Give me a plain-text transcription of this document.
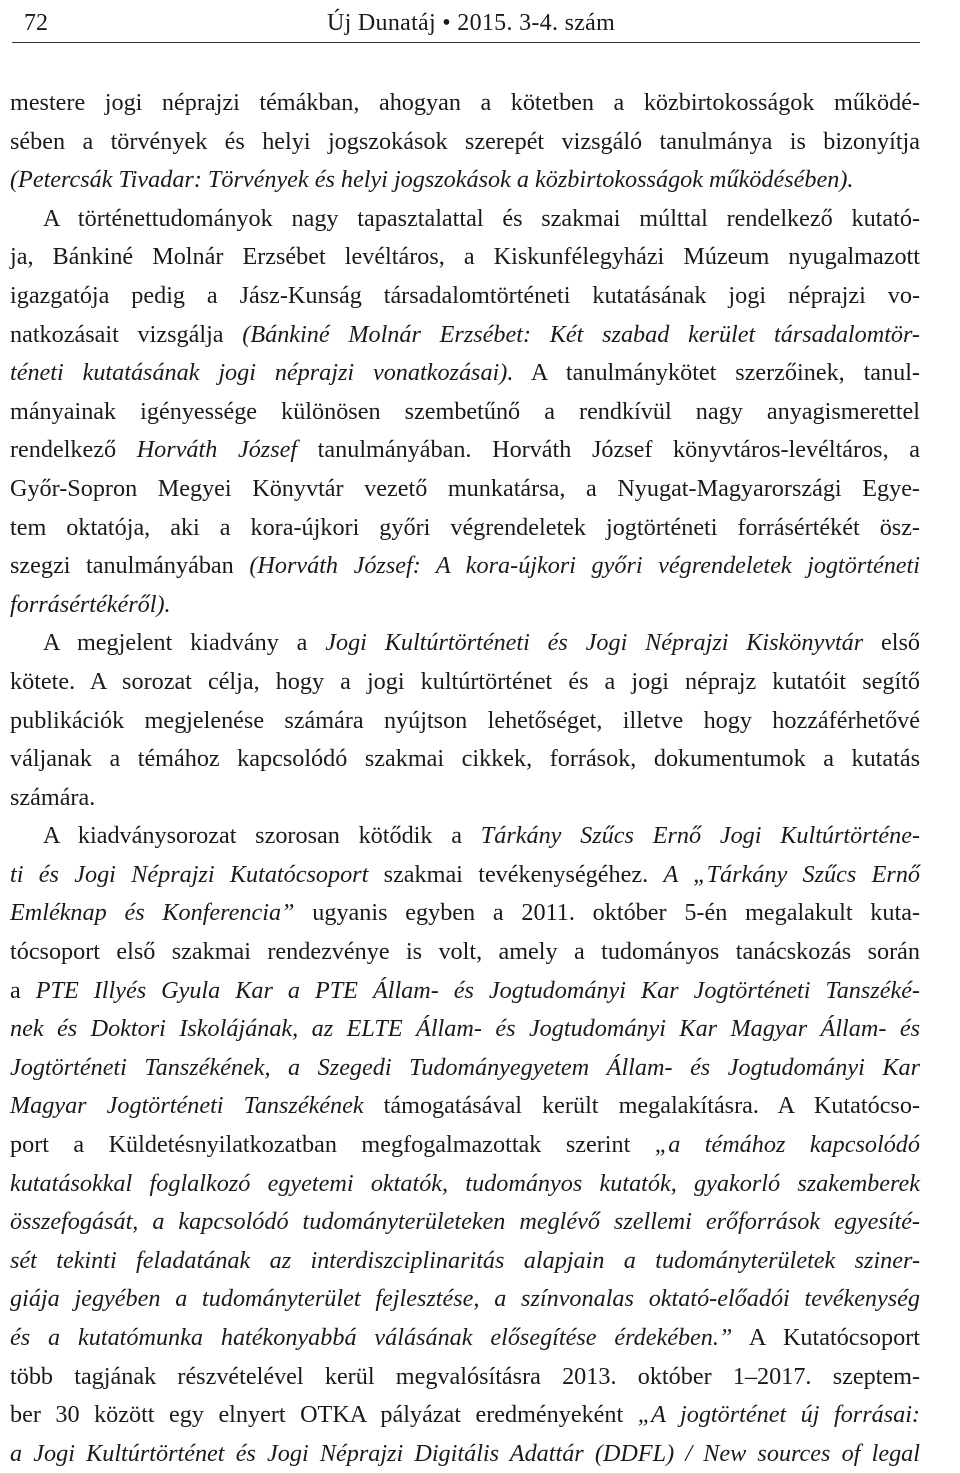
72	Új Dunatáj • 2015. 3-4. szám
mestere jogi néprajzi témákban, ahogyan a kötetben a közbirtokosságok működé-
sében a törvények és helyi jogszokások szerepét vizsgáló tanulmánya is bizonyítja
(Petercsák Tivadar: Törvények és helyi jogszokások a közbirtokosságok működésében).
A történettudományok nagy tapasztalattal és szakmai múlttal rendelkező kutató-
ja, Bánkiné Molnár Erzsébet levéltáros, a Kiskunfélegyházi Múzeum nyugalmazott
igazgatója pedig a Jász-Kunság társadalomtörténeti kutatásának jogi néprajzi vo-
natkozásait vizsgálja (Bánkiné Molnár Erzsébet: Két szabad kerület társadalomtör-
téneti kutatásának jogi néprajzi vonatkozásai). A tanulmánykötet szerzőinek, tanul-
mányainak igényessége különösen szembetűnő a rendkívül nagy anyagismerettel
rendelkező Horváth József tanulmányában. Horváth József könyvtáros-levéltáros, a
Győr-Sopron Megyei Könyvtár vezető munkatársa, a Nyugat-Magyarországi Egye-
tem oktatója, aki a kora-újkori győri végrendeletek jogtörténeti forrásértékét ösz-
szegzi tanulmányában (Horváth József: A kora-újkori győri végrendeletek jogtörténeti
forrásértékéről).
A megjelent kiadvány a Jogi Kultúrtörténeti és Jogi Néprajzi Kiskönyvtár első
kötete. A sorozat célja, hogy a jogi kultúrtörténet és a jogi néprajz kutatóit segítő
publikációk megjelenése számára nyújtson lehetőséget, illetve hogy hozzáférhetővé
váljanak a témához kapcsolódó szakmai cikkek, források, dokumentumok a kutatás
számára.
A kiadványsorozat szorosan kötődik a Tárkány Szűcs Ernő Jogi Kultúrtörténe-
ti és Jogi Néprajzi Kutatócsoport szakmai tevékenységéhez. A „Tárkány Szűcs Ernő
Emléknap és Konferencia” ugyanis egyben a 2011. október 5-én megalakult kuta-
tócsoport első szakmai rendezvénye is volt, amely a tudományos tanácskozás során
a PTE Illyés Gyula Kar a PTE Állam- és Jogtudományi Kar Jogtörténeti Tanszéké-
nek és Doktori Iskolájának, az ELTE Állam- és Jogtudományi Kar Magyar Állam- és
Jogtörténeti Tanszékének, a Szegedi Tudományegyetem Állam- és Jogtudományi Kar
Magyar Jogtörténeti Tanszékének támogatásával került megalakításra. A Kutatócso-
port a Küldetésnyilatkozatban megfogalmazottak szerint „a témához kapcsolódó
kutatásokkal foglalkozó egyetemi oktatók, tudományos kutatók, gyakorló szakemberek
összefogását, a kapcsolódó tudományterületeken meglévő szellemi erőforrások egyesíté-
sét tekinti feladatának az interdiszciplinaritás alapjain a tudományterületek sziner-
giája jegyében a tudományterület fejlesztése, a színvonalas oktató-előadói tevékenység
és a kutatómunka hatékonyabbá válásának elősegítése érdekében.” A Kutatócsoport
több tagjának részvételével kerül megvalósításra 2013. október 1–2017. szeptem-
ber 30 között egy elnyert OTKA pályázat eredményeként „A jogtörténet új forrásai:
a Jogi Kultúrtörténet és Jogi Néprajzi Digitális Adattár (DDFL) / New sources of legal
